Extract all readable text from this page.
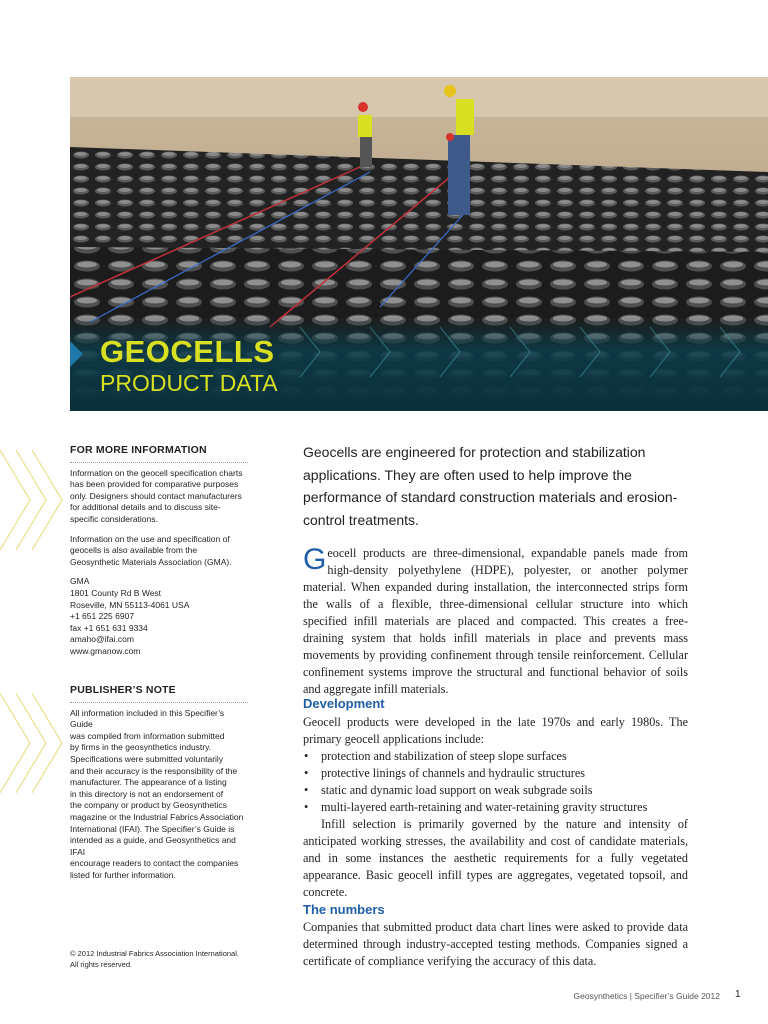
GEOCELLS
PRODUCT DATA
FOR MORE INFORMATION

Information on the geocell specification charts has been provided for comparative purposes only. Designers should contact manufacturers for additional details and to discuss site-specific considerations.

Information on the use and specification of geocells is also available from the Geosynthetic Materials Association (GMA).

GMA
1801 County Rd B West
Roseville, MN 55113-4061 USA
+1 651 225 6907
fax +1 651 631 9334
amaho@ifai.com
www.gmanow.com

PUBLISHER’S NOTE

All information included in this Specifier’s Guide
was compiled from information submitted
by firms in the geosynthetics industry.
Specifications were submitted voluntarily
and their accuracy is the responsibility of the
manufacturer. The appearance of a listing
in this directory is not an endorsement of
the company or product by Geosynthetics
magazine or the Industrial Fabrics Association
International (IFAI). The Specifier’s Guide is
intended as a guide, and Geosynthetics and IFAI
encourage readers to contact the companies
listed for further information.

© 2012 Industrial Fabrics Association International.
All rights reserved.
Geocells are engineered for protection and stabilization applications. They are often used to help improve the performance of standard construction materials and erosion-control treatments.

Geocell products are three-dimensional, expandable panels made from high-density polyethylene (HDPE), polyester, or another polymer material. When expanded during installation, the interconnected strips form the walls of a flexible, three-dimensional cellular structure into which specified infill materials are placed and compacted. This creates a free-draining system that holds infill materials in place and prevents mass movements by providing confinement through tensile reinforcement. Cellular confinement systems improve the structural and functional behavior of soils and aggregate infill materials.

Development

Geocell products were developed in the late 1970s and early 1980s. The primary geocell applications include:

• protection and stabilization of steep slope surfaces
• protective linings of channels and hydraulic structures
• static and dynamic load support on weak subgrade soils
• multi-layered earth-retaining and water-retaining gravity structures

Infill selection is primarily governed by the nature and intensity of anticipated working stresses, the availability and cost of candidate materials, and in some instances the aesthetic requirements for a fully vegetated appearance. Basic geocell infill types are aggregates, vegetated topsoil, and concrete.

The numbers
Companies that submitted product data chart lines were asked to provide data determined through industry-accepted testing methods. Companies signed a certificate of compliance verifying the accuracy of this data.
Geosynthetics | Specifier’s Guide 2012 1
